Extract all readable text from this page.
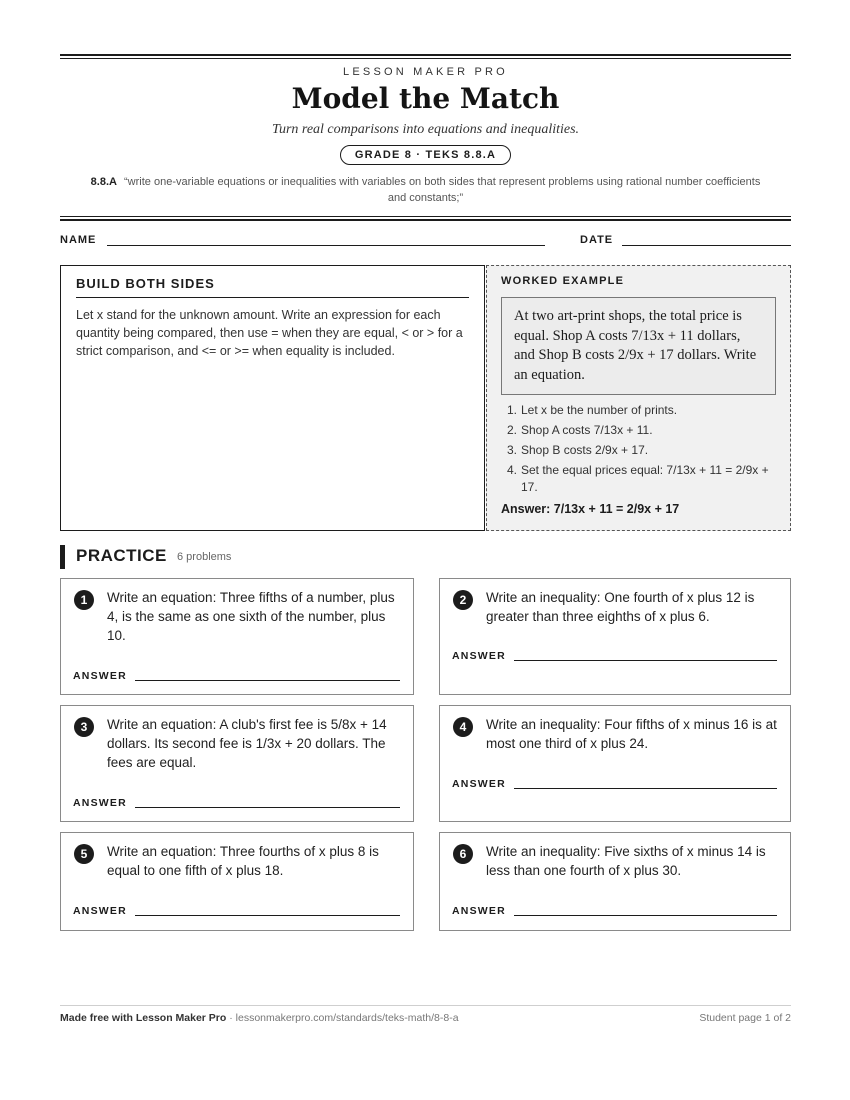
LESSON MAKER PRO
Model the Match
Turn real comparisons into equations and inequalities.
GRADE 8 · TEKS 8.8.A
8.8.A “write one-variable equations or inequalities with variables on both sides that represent problems using rational number coefficients and constants;”
NAME	DATE
BUILD BOTH SIDES
Let x stand for the unknown amount. Write an expression for each quantity being compared, then use = when they are equal, < or > for a strict comparison, and <= or >= when equality is included.
WORKED EXAMPLE
At two art-print shops, the total price is equal. Shop A costs 7/13x + 11 dollars, and Shop B costs 2/9x + 17 dollars. Write an equation.
1. Let x be the number of prints.
2. Shop A costs 7/13x + 11.
3. Shop B costs 2/9x + 17.
4. Set the equal prices equal: 7/13x + 11 = 2/9x + 17.
Answer: 7/13x + 11 = 2/9x + 17
PRACTICE 6 problems
1	Write an equation: Three fifths of a number, plus 4, is the same as one sixth of the number, plus 10.
ANSWER
2	Write an inequality: One fourth of x plus 12 is greater than three eighths of x plus 6.
ANSWER
3	Write an equation: A club's first fee is 5/8x + 14 dollars. Its second fee is 1/3x + 20 dollars. The fees are equal.
ANSWER
4	Write an inequality: Four fifths of x minus 16 is at most one third of x plus 24.
ANSWER
5	Write an equation: Three fourths of x plus 8 is equal to one fifth of x plus 18.
ANSWER
6	Write an inequality: Five sixths of x minus 14 is less than one fourth of x plus 30.
ANSWER
Made free with Lesson Maker Pro · lessonmakerpro.com/standards/teks-math/8-8-a	Student page 1 of 2
